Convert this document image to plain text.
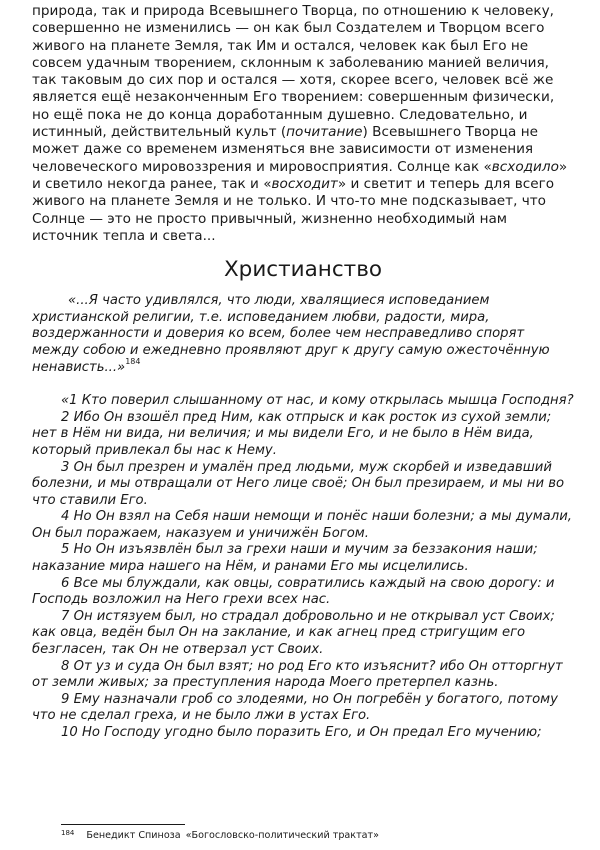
природа, так и природа Всевышнего Творца, по отношению к человеку, совершенно не изменились — он как был Создателем и Творцом всего живого на планете Земля, так Им и остался, человек как был Его не совсем удачным творением, склонным к заболеванию манией величия, так таковым до сих пор и остался — хотя, скорее всего, человек всё же является ещё незаконченным Его творением: совершенным физически, но ещё пока не до конца доработанным душевно. Следовательно, и истинный, действительный культ (почитание) Всевышнего Творца не может даже со временем изменяться вне зависимости от изменения человеческого мировоззрения и мировосприятия. Солнце как «всходило» и светило некогда ранее, так и «восходит» и светит и теперь для всего живого на планете Земля и не только. И что-то мне подсказывает, что Солнце — это не просто привычный, жизненно необходимый нам источник тепла и света...

Христианство

«...Я часто удивлялся, что люди, хвалящиеся исповеданием христианской религии, т.е. исповеданием любви, радости, мира, воздержанности и доверия ко всем, более чем несправедливо спорят между собою и ежедневно проявляют друг к другу самую ожесточённую ненависть...»$^{184}$

«1 Кто поверил слышанному от нас, и кому открылась мышца Господня?

2 Ибо Он взошёл пред Ним, как отпрыск и как росток из сухой земли; нет в Нём ни вида, ни величия; и мы видели Его, и не было в Нём вида, который привлекал бы нас к Нему.

3 Он был презрен и умалён пред людьми, муж скорбей и изведавший болезни, и мы отвращали от Него лице своё; Он был презираем, и мы ни во что ставили Его.

4 Но Он взял на Себя наши немощи и понёс наши болезни; а мы думали, Он был поражаем, наказуем и уничижён Богом.

5 Но Он изъязвлён был за грехи наши и мучим за беззакония наши; наказание мира нашего на Нём, и ранами Его мы исцелились.

6 Все мы блуждали, как овцы, совратились каждый на свою дорогу: и Господь возложил на Него грехи всех нас.

7 Он истязуем был, но страдал добровольно и не открывал уст Своих; как овца, ведён был Он на заклание, и как агнец пред стригущим его безгласен, так Он не отверзал уст Своих.

8 От уз и суда Он был взят; но род Его кто изъяснит? ибо Он отторгнут от земли живых; за преступления народа Моего претерпел казнь.

9 Ему назначали гроб со злодеями, но Он погребён у богатого, потому что не сделал греха, и не было лжи в устах Его.

10 Но Господу угодно было поразить Его, и Он предал Его мучению;

$^{184}$ Бенедикт Спиноза «Богословско-политический трактат»
